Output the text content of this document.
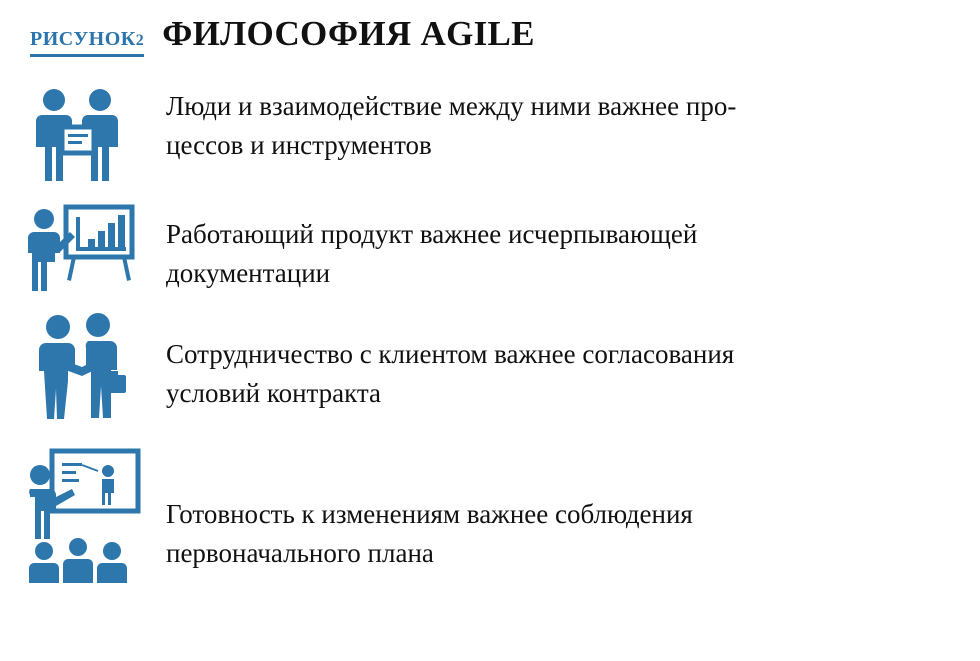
РИСУНОК2 ФИЛОСОФИЯ AGILE
Люди и взаимодействие между ними важнее про-
цессов и инструментов
Работающий продукт важнее исчерпывающей
документации
Сотрудничество с клиентом важнее согласования
условий контракта
Готовность к изменениям важнее соблюдения
первоначального плана
